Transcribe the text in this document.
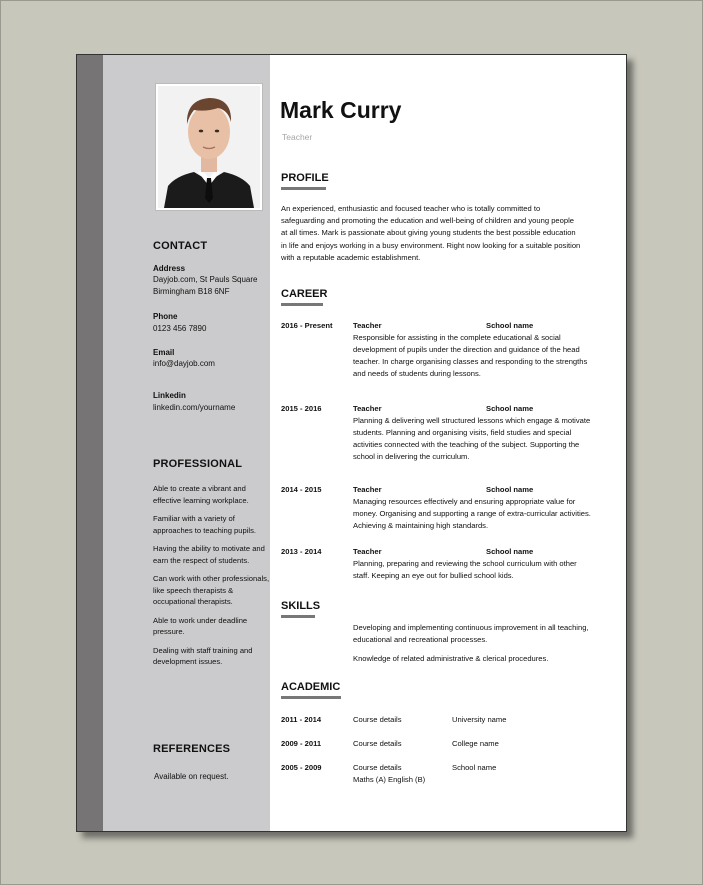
CONTACT
Address
Dayjob.com, St Pauls Square
Birmingham B18 6NF
Phone
0123 456 7890
Email
info@dayjob.com
Linkedin
linkedin.com/yourname
PROFESSIONAL
Able to create a vibrant and effective learning workplace.
Familiar with a variety of approaches to teaching pupils.
Having the ability to motivate and earn the respect of students.
Can work with other professionals, like speech therapists & occupational therapists.
Able to work under deadline pressure.
Dealing with staff training and development issues.
REFERENCES
Available on request.
Mark Curry
Teacher
PROFILE
An experienced, enthusiastic and focused teacher who is totally committed to safeguarding and promoting the education and well-being of children and young people at all times. Mark is passionate about giving young students the best possible education in life and enjoys working in a busy environment. Right now looking for a suitable position with a reputable academic establishment.
CAREER
2016 - Present	Teacher	School name
Responsible for assisting in the complete educational & social development of pupils under the direction and guidance of the head teacher. In charge organising classes and responding to the strengths and needs of students during lessons.
2015 - 2016	Teacher	School name
Planning & delivering well structured lessons which engage & motivate students. Planning and organising visits, field studies and special activities connected with the teaching of the subject. Supporting the school in delivering the curriculum.
2014 - 2015	Teacher	School name
Managing resources effectively and ensuring appropriate value for money. Organising and supporting a range of extra-curricular activities. Achieving & maintaining high standards.
2013 - 2014	Teacher	School name
Planning, preparing and reviewing the school curriculum with other staff. Keeping an eye out for bullied school kids.
SKILLS
Developing and implementing continuous improvement in all teaching, educational and recreational processes.
Knowledge of related administrative & clerical procedures.
ACADEMIC
2011 - 2014	Course details	University name
2009 - 2011	Course details	College name
2005 - 2009	Course details	School name
Maths (A) English (B)
